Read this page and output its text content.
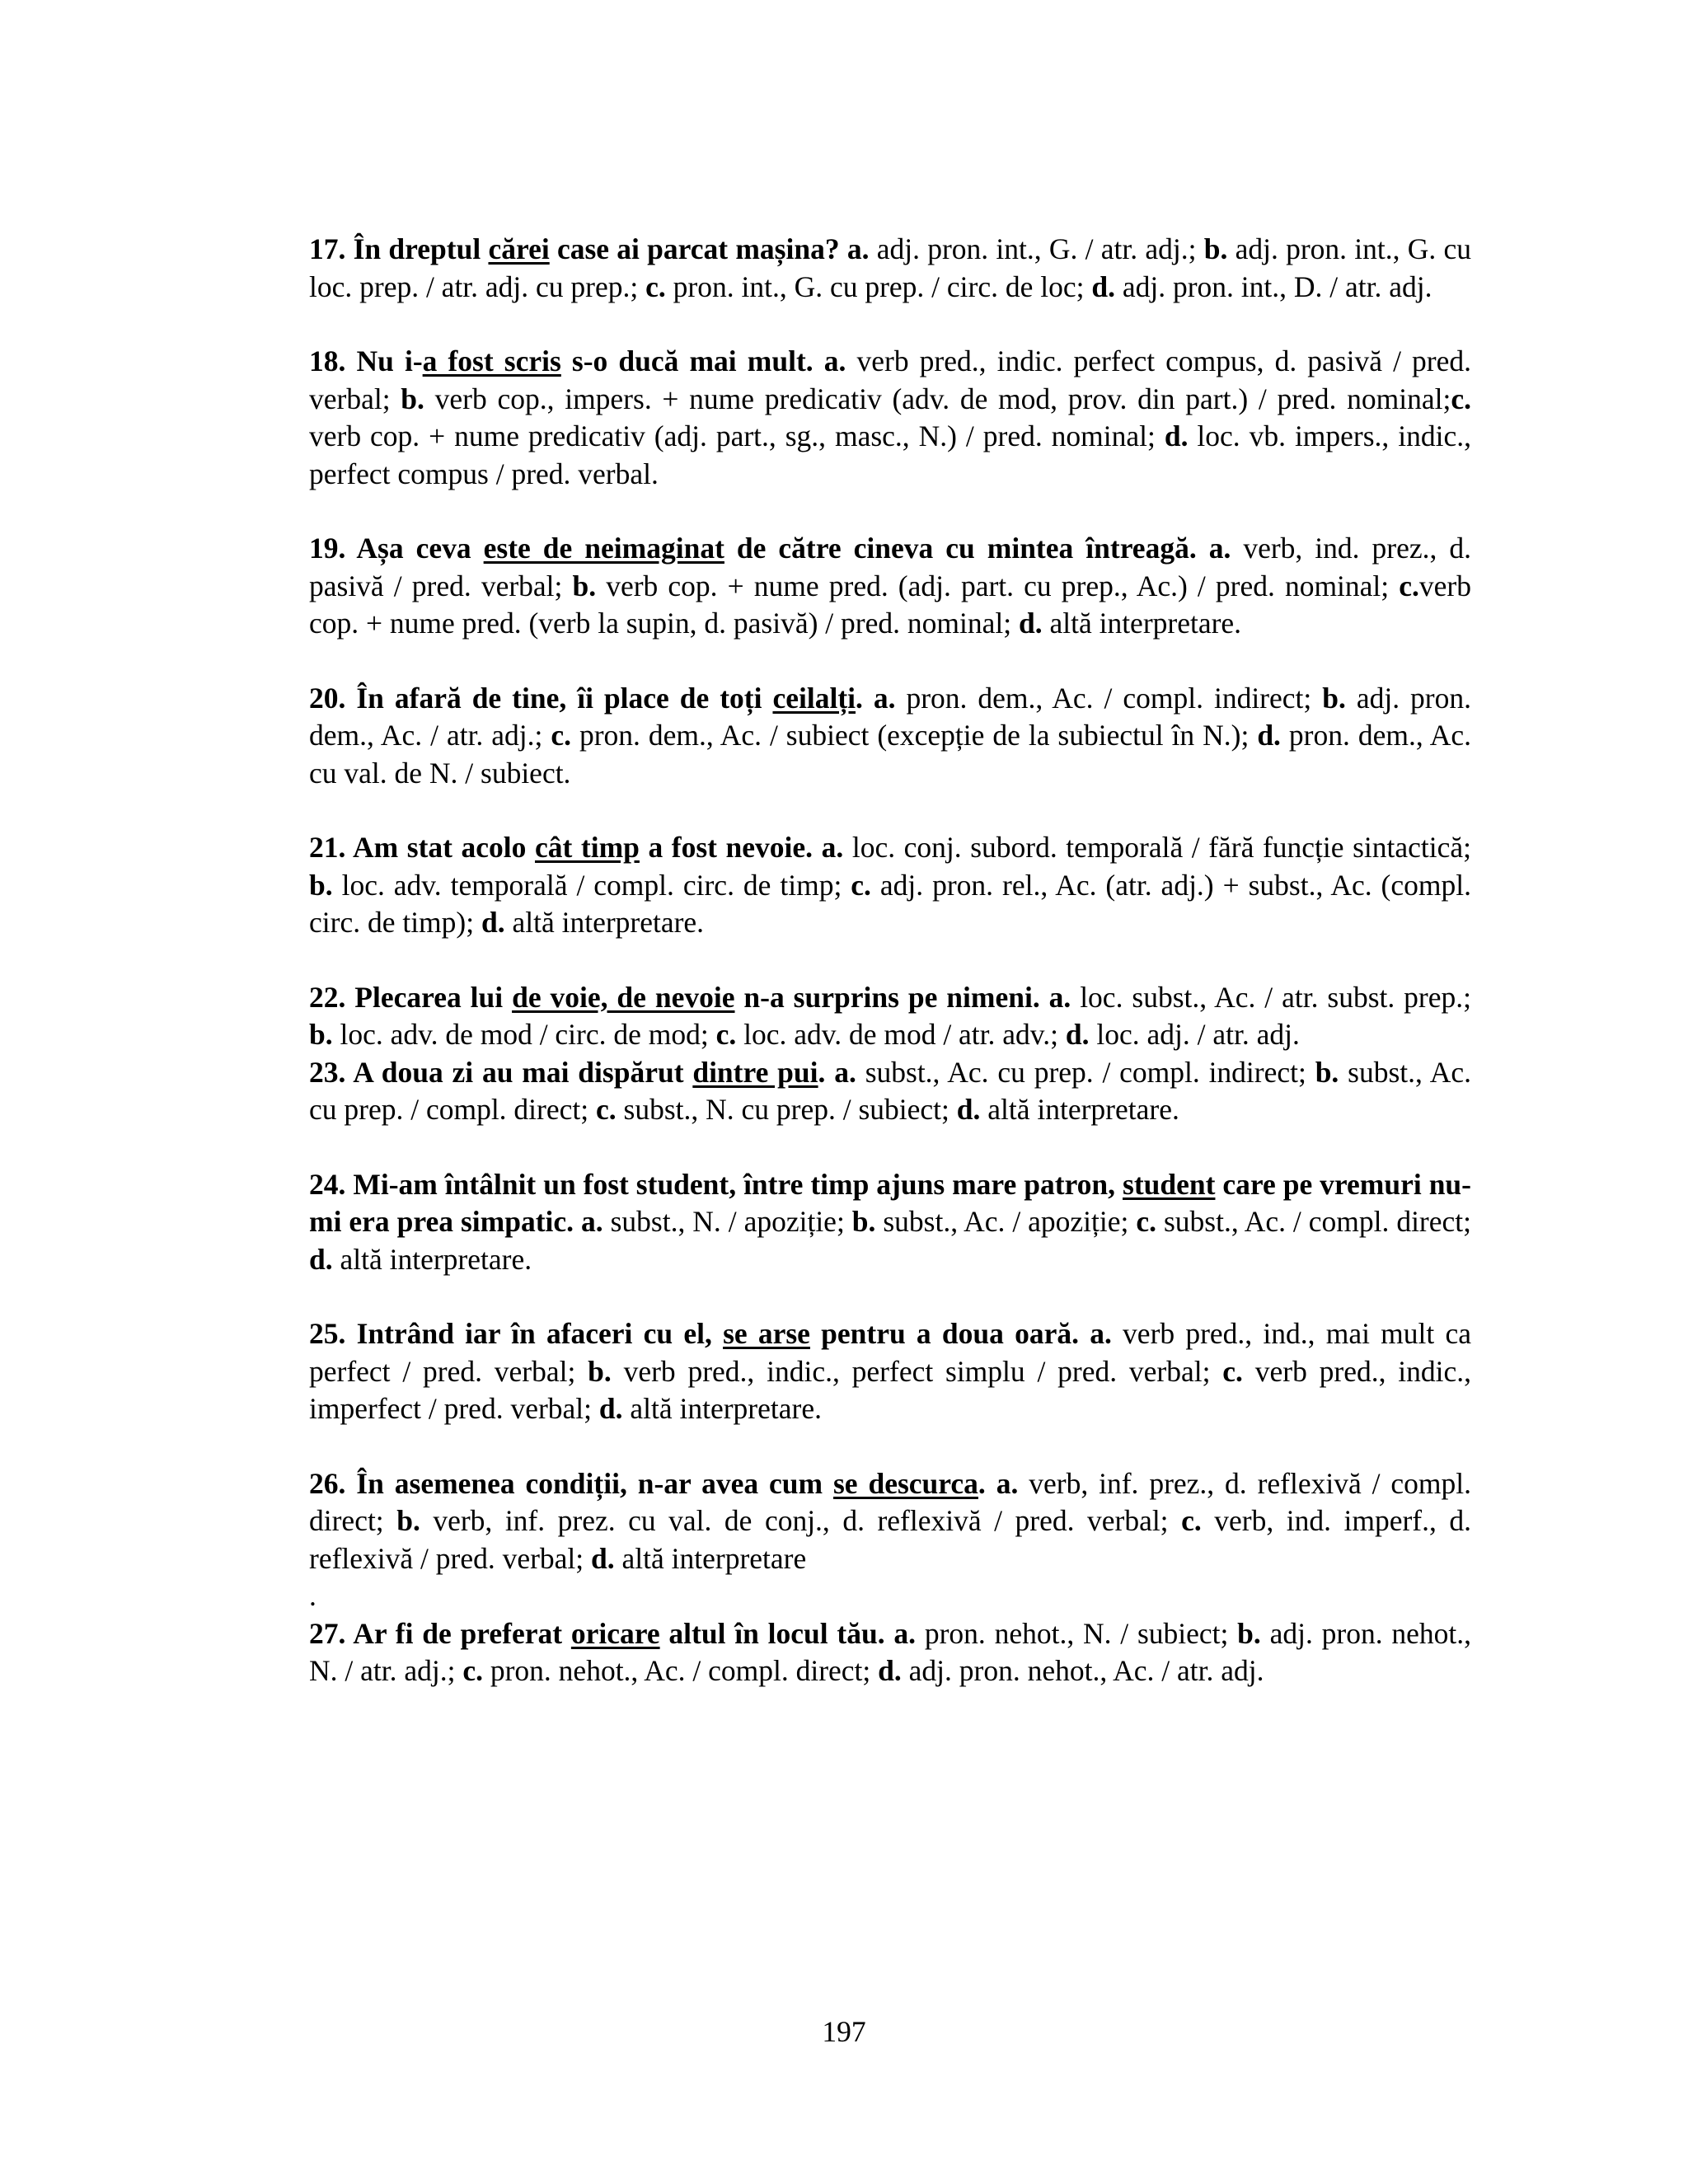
17. În dreptul cărei case ai parcat mașina? a. adj. pron. int., G. / atr. adj.; b. adj. pron. int., G. cu loc. prep. / atr. adj. cu prep.; c. pron. int., G. cu prep. / circ. de loc; d. adj. pron. int., D. / atr. adj.

18. Nu i-a fost scris s-o ducă mai mult. a. verb pred., indic. perfect compus, d. pasivă / pred. verbal; b. verb cop., impers. + nume predicativ (adv. de mod, prov. din part.) / pred. nominal;c. verb cop. + nume predicativ (adj. part., sg., masc., N.) / pred. nominal; d. loc. vb. impers., indic., perfect compus / pred. verbal.

19. Așa ceva este de neimaginat de către cineva cu mintea întreagă. a. verb, ind. prez., d. pasivă / pred. verbal; b. verb cop. + nume pred. (adj. part. cu prep., Ac.) / pred. nominal; c.verb cop. + nume pred. (verb la supin, d. pasivă) / pred. nominal; d. altă interpretare.

20. În afară de tine, îi place de toți ceilalți. a. pron. dem., Ac. / compl. indirect; b. adj. pron. dem., Ac. / atr. adj.; c. pron. dem., Ac. / subiect (excepție de la subiectul în N.); d. pron. dem., Ac. cu val. de N. / subiect.

21. Am stat acolo cât timp a fost nevoie. a. loc. conj. subord. temporală / fără funcție sintactică; b. loc. adv. temporală / compl. circ. de timp; c. adj. pron. rel., Ac. (atr. adj.) + subst., Ac. (compl. circ. de timp); d. altă interpretare.

22. Plecarea lui de voie, de nevoie n-a surprins pe nimeni. a. loc. subst., Ac. / atr. subst. prep.; b. loc. adv. de mod / circ. de mod; c. loc. adv. de mod / atr. adv.; d. loc. adj. / atr. adj.

23. A doua zi au mai dispărut dintre pui. a. subst., Ac. cu prep. / compl. indirect; b. subst., Ac. cu prep. / compl. direct; c. subst., N. cu prep. / subiect; d. altă interpretare.

24. Mi-am întâlnit un fost student, între timp ajuns mare patron, student care pe vremuri nu-mi era prea simpatic. a. subst., N. / apoziție; b. subst., Ac. / apoziție; c. subst., Ac. / compl. direct; d. altă interpretare.

25. Intrând iar în afaceri cu el, se arse pentru a doua oară. a. verb pred., ind., mai mult ca perfect / pred. verbal; b. verb pred., indic., perfect simplu / pred. verbal; c. verb pred., indic., imperfect / pred. verbal; d. altă interpretare.

26. În asemenea condiții, n-ar avea cum se descurca. a. verb, inf. prez., d. reflexivă / compl. direct; b. verb, inf. prez. cu val. de conj., d. reflexivă / pred. verbal; c. verb, ind. imperf., d. reflexivă / pred. verbal; d. altă interpretare

.

27. Ar fi de preferat oricare altul în locul tău. a. pron. nehot., N. / subiect; b. adj. pron. nehot., N. / atr. adj.; c. pron. nehot., Ac. / compl. direct; d. adj. pron. nehot., Ac. / atr. adj.

197
